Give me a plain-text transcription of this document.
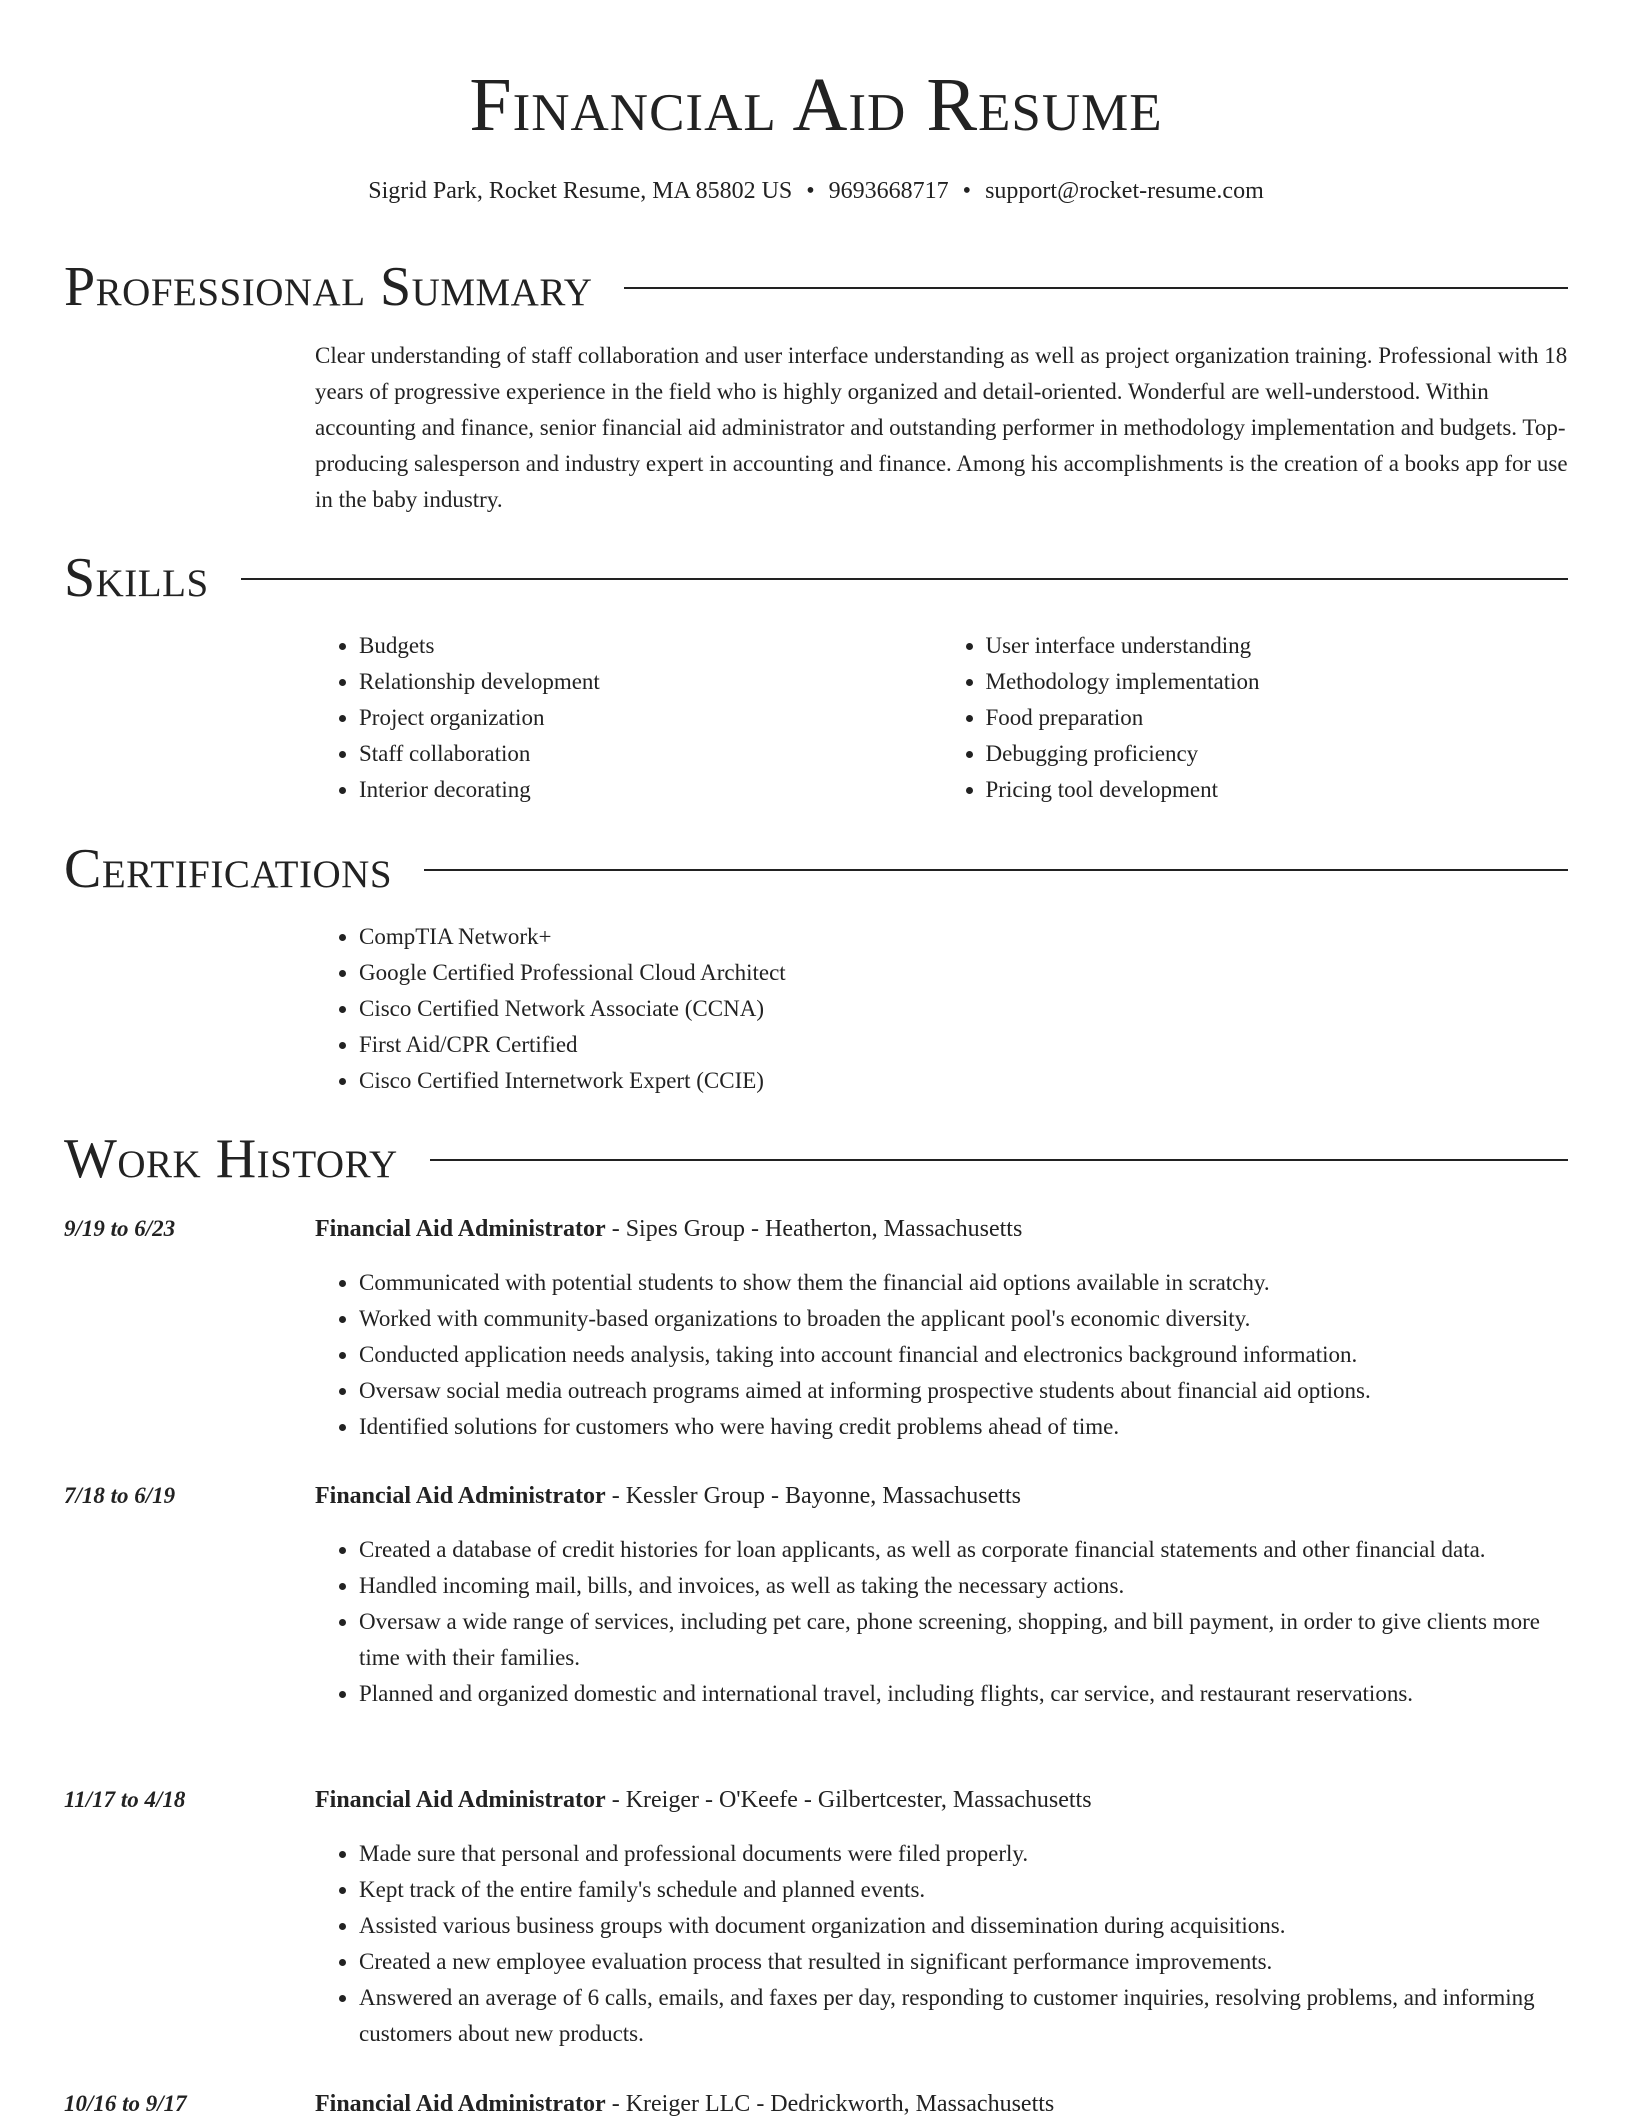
Financial Aid Resume
Sigrid Park, Rocket Resume, MA 85802 US • 9693668717 • support@rocket-resume.com
Professional Summary

Clear understanding of staff collaboration and user interface understanding as well as project organization training. Professional with 18 years of progressive experience in the field who is highly organized and detail-oriented. Wonderful are well-understood. Within accounting and finance, senior financial aid administrator and outstanding performer in methodology implementation and budgets. Top-producing salesperson and industry expert in accounting and finance. Among his accomplishments is the creation of a books app for use in the baby industry.

Skills
• Budgets
• Relationship development
• Project organization
• Staff collaboration
• Interior decorating
• User interface understanding
• Methodology implementation
• Food preparation
• Debugging proficiency
• Pricing tool development
Certifications
• CompTIA Network+
• Google Certified Professional Cloud Architect
• Cisco Certified Network Associate (CCNA)
• First Aid/CPR Certified
• Cisco Certified Internetwork Expert (CCIE)
Work History
9/19 to 6/23	Financial Aid Administrator - Sipes Group - Heatherton, Massachusetts
• Communicated with potential students to show them the financial aid options available in scratchy.
• Worked with community-based organizations to broaden the applicant pool's economic diversity.
• Conducted application needs analysis, taking into account financial and electronics background information.
• Oversaw social media outreach programs aimed at informing prospective students about financial aid options.
• Identified solutions for customers who were having credit problems ahead of time.
7/18 to 6/19	Financial Aid Administrator - Kessler Group - Bayonne, Massachusetts
• Created a database of credit histories for loan applicants, as well as corporate financial statements and other financial data.
• Handled incoming mail, bills, and invoices, as well as taking the necessary actions.
• Oversaw a wide range of services, including pet care, phone screening, shopping, and bill payment, in order to give clients more time with their families.
• Planned and organized domestic and international travel, including flights, car service, and restaurant reservations.
11/17 to 4/18	Financial Aid Administrator - Kreiger - O'Keefe - Gilbertcester, Massachusetts
• Made sure that personal and professional documents were filed properly.
• Kept track of the entire family's schedule and planned events.
• Assisted various business groups with document organization and dissemination during acquisitions.
• Created a new employee evaluation process that resulted in significant performance improvements.
• Answered an average of 6 calls, emails, and faxes per day, responding to customer inquiries, resolving problems, and informing customers about new products.
10/16 to 9/17	Financial Aid Administrator - Kreiger LLC - Dedrickworth, Massachusetts
